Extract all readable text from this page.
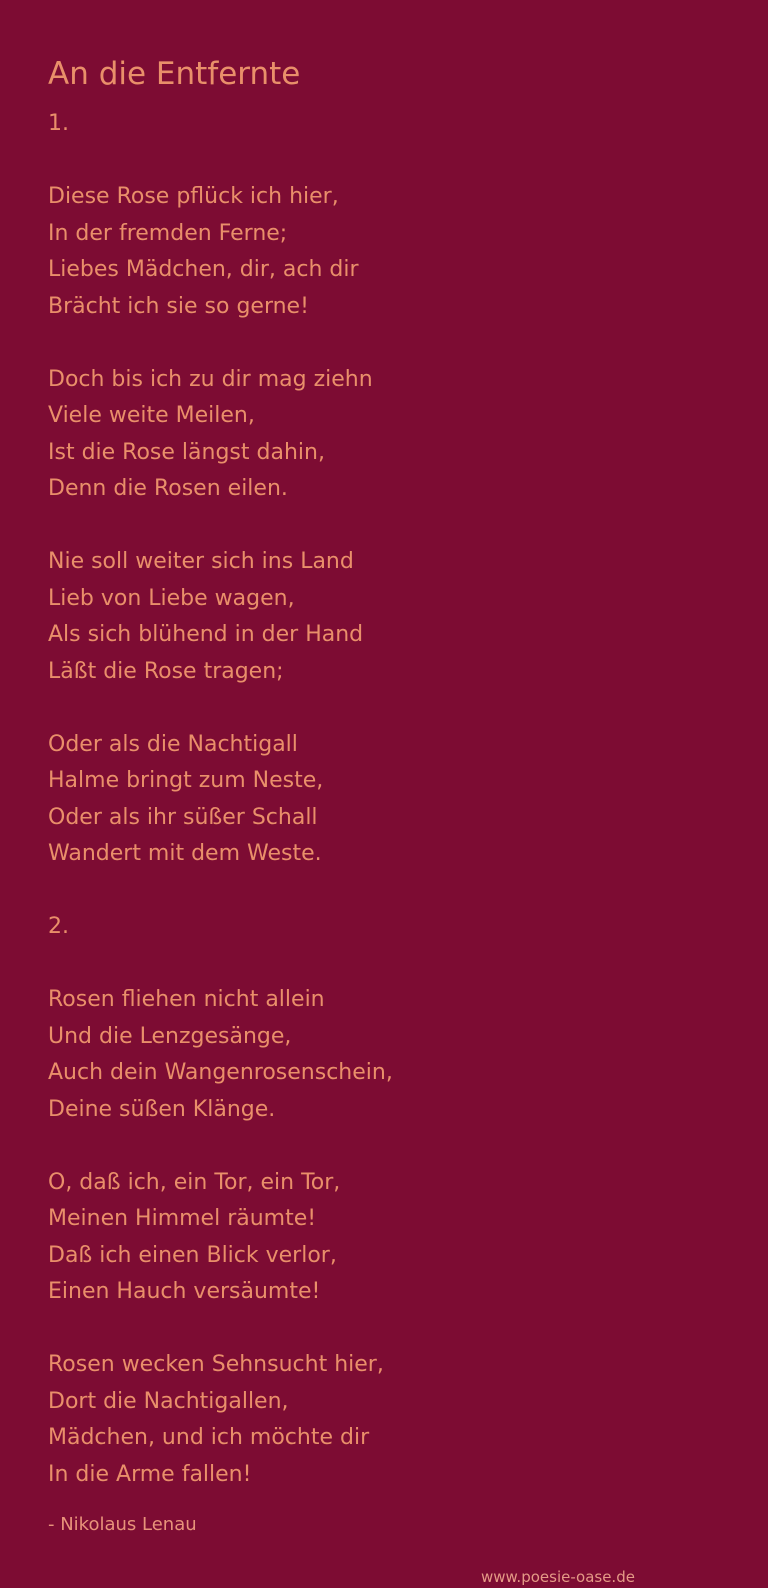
An die Entfernte
1.
Diese Rose pflück ich hier,
In der fremden Ferne;
Liebes Mädchen, dir, ach dir
Brächt ich sie so gerne!
Doch bis ich zu dir mag ziehn
Viele weite Meilen,
Ist die Rose längst dahin,
Denn die Rosen eilen.
Nie soll weiter sich ins Land
Lieb von Liebe wagen,
Als sich blühend in der Hand
Läßt die Rose tragen;
Oder als die Nachtigall
Halme bringt zum Neste,
Oder als ihr süßer Schall
Wandert mit dem Weste.
2.
Rosen fliehen nicht allein
Und die Lenzgesänge,
Auch dein Wangenrosenschein,
Deine süßen Klänge.
O, daß ich, ein Tor, ein Tor,
Meinen Himmel räumte!
Daß ich einen Blick verlor,
Einen Hauch versäumte!
Rosen wecken Sehnsucht hier,
Dort die Nachtigallen,
Mädchen, und ich möchte dir
In die Arme fallen!
- Nikolaus Lenau
www.poesie-oase.de
